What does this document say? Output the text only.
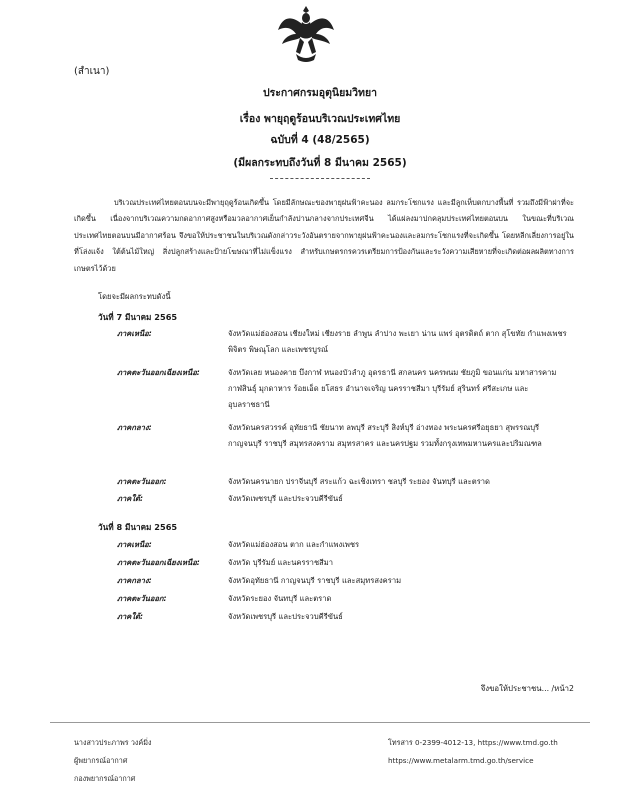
(สำเนา)
ประกาศกรมอุตุนิยมวิทยา
เรื่อง พายุฤดูร้อนบริเวณประเทศไทย
ฉบับที่ 4 (48/2565)
(มีผลกระทบถึงวันที่ 8 มีนาคม 2565)
บริเวณประเทศไทยตอนบนจะมีพายุฤดูร้อนเกิดขึ้น โดยมีลักษณะของพายุฝนฟ้าคะนอง ลมกระโชกแรง และมีลูกเห็บตกบางพื้นที่ รวมถึงมีฟ้าผ่าที่จะเกิดขึ้น เนื่องจากบริเวณความกดอากาศสูงหรือมวลอากาศเย็นกำลังปานกลางจากประเทศจีน ได้แผ่ลงมาปกคลุมประเทศไทยตอนบน ในขณะที่บริเวณประเทศไทยตอนบนมีอากาศร้อน จึงขอให้ประชาชนในบริเวณดังกล่าวระวังอันตรายจากพายุฝนฟ้าคะนองและลมกระโชกแรงที่จะเกิดขึ้น โดยหลีกเลี่ยงการอยู่ในที่โล่งแจ้ง ใต้ต้นไม้ใหญ่ สิ่งปลูกสร้างและป้ายโฆษณาที่ไม่แข็งแรง สำหรับเกษตรกรควรเตรียมการป้องกันและระวังความเสียหายที่จะเกิดต่อผลผลิตทางการเกษตรไว้ด้วย
โดยจะมีผลกระทบดังนี้
วันที่ 7 มีนาคม 2565
ภาคเหนือ:	จังหวัดแม่ฮ่องสอน เชียงใหม่ เชียงราย ลำพูน ลำปาง พะเยา น่าน แพร่ อุตรดิตถ์ ตาก สุโขทัย กำแพงเพชร พิจิตร พิษณุโลก และเพชรบูรณ์
ภาคตะวันออกเฉียงเหนือ:	จังหวัดเลย หนองคาย บึงกาฬ หนองบัวลำภู อุดรธานี สกลนคร นครพนม ชัยภูมิ ขอนแก่น มหาสารคาม กาฬสินธุ์ มุกดาหาร ร้อยเอ็ด ยโสธร อำนาจเจริญ นครราชสีมา บุรีรัมย์ สุรินทร์ ศรีสะเกษ และอุบลราชธานี
ภาคกลาง:	จังหวัดนครสวรรค์ อุทัยธานี ชัยนาท ลพบุรี สระบุรี สิงห์บุรี อ่างทอง พระนครศรีอยุธยา สุพรรณบุรี กาญจนบุรี ราชบุรี สมุทรสงคราม สมุทรสาคร และนครปฐม รวมทั้งกรุงเทพมหานครและปริมณฑล
ภาคตะวันออก:	จังหวัดนครนายก ปราจีนบุรี สระแก้ว ฉะเชิงเทรา ชลบุรี ระยอง จันทบุรี และตราด
ภาคใต้:	จังหวัดเพชรบุรี และประจวบคีรีขันธ์
วันที่ 8 มีนาคม 2565
ภาคเหนือ:	จังหวัดแม่ฮ่องสอน ตาก และกำแพงเพชร
ภาคตะวันออกเฉียงเหนือ:	จังหวัด บุรีรัมย์ และนครราชสีมา
ภาคกลาง:	จังหวัดอุทัยธานี กาญจนบุรี ราชบุรี และสมุทรสงคราม
ภาคตะวันออก:	จังหวัดระยอง จันทบุรี และตราด
ภาคใต้:	จังหวัดเพชรบุรี และประจวบคีรีขันธ์
จึงขอให้ประชาชน... /หน้า2
นางสาวประภาพร วงค์มิ่ง
ผู้พยากรณ์อากาศ
กองพยากรณ์อากาศ
โทรสาร 0-2399-4012-13, https://www.tmd.go.th
https://www.metalarm.tmd.go.th/service
